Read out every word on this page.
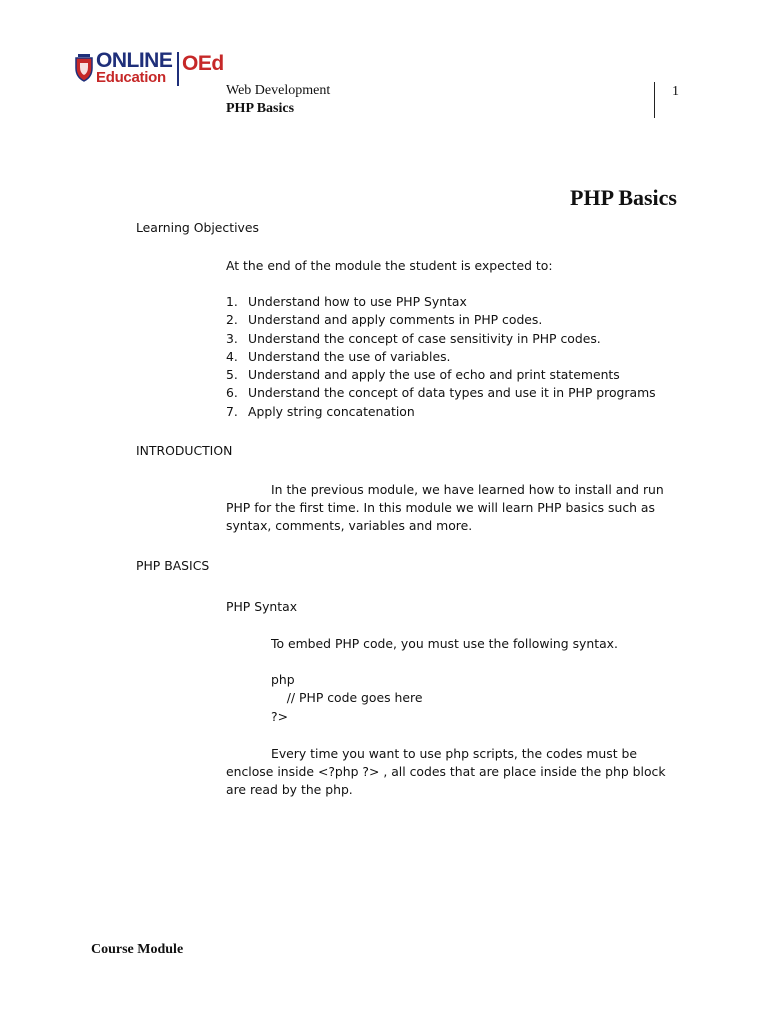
ONLINE
Education
OEd
Web Development
PHP Basics
1
PHP Basics
Learning Objectives
At the end of the module the student is expected to:
1. Understand how to use PHP Syntax
2. Understand and apply comments in PHP codes.
3. Understand the concept of case sensitivity in PHP codes.
4. Understand the use of variables.
5. Understand and apply the use of echo and print statements
6. Understand the concept of data types and use it in PHP programs
7. Apply string concatenation
INTRODUCTION
In the previous module, we have learned how to install and run PHP for the first time. In this module we will learn PHP basics such as syntax, comments, variables and more.
PHP BASICS
PHP Syntax
To embed PHP code, you must use the following syntax.
php
// PHP code goes here
?>
Every time you want to use php scripts, the codes must be enclose inside <?php ?> , all codes that are place inside the php block are read by the php.
Course Module
